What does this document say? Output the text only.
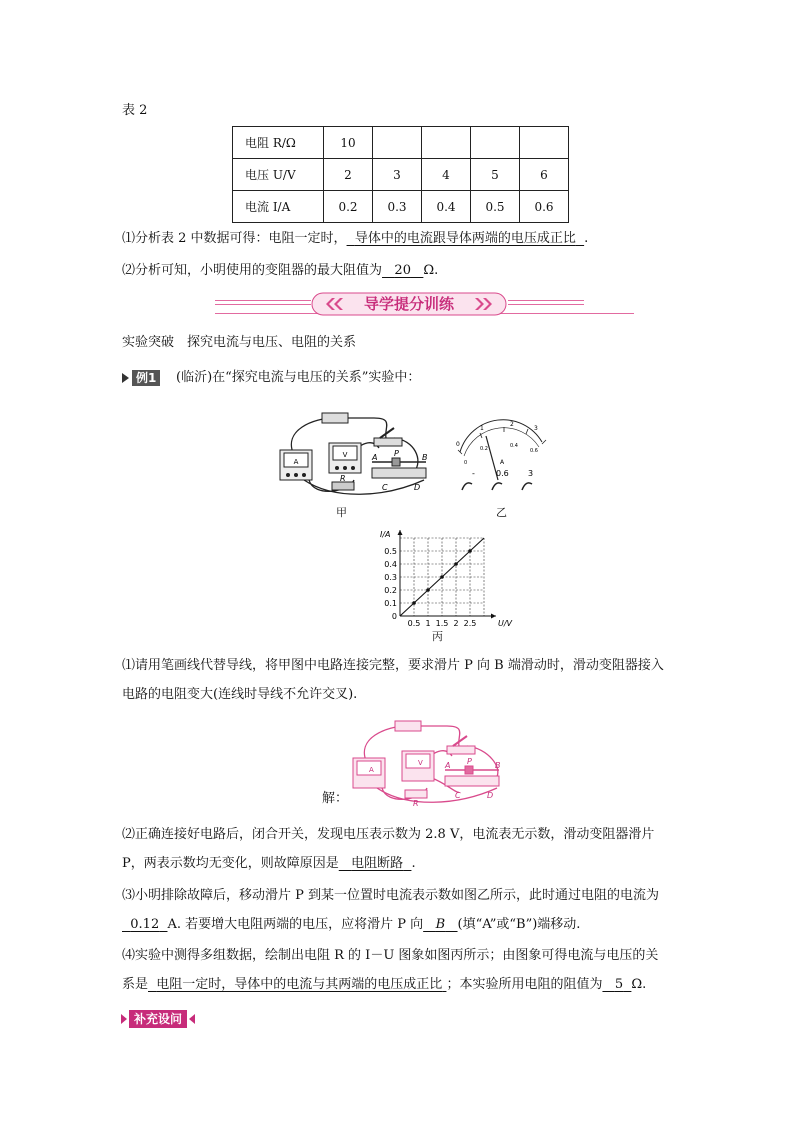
表 2
电阻 R/Ω	10				
电压 U/V	2	3	4	5	6
电流 I/A	0.2	0.3	0.4	0.5	0.6
⑴分析表 2 中数据可得：电阻一定时， 导体中的电流跟导体两端的电压成正比 .
⑵分析可知，小明使用的变阻器的最大阻值为 20 Ω.
导学提分训练
实验突破　探究电流与电压、电阻的关系
例1	(临沂)在“探究电流与电压的关系”实验中：
A
V
R
A P	B
C	D
甲
0
1
2
3
0
0.2	0.4
0.6
A
-	0.6 3
乙
0.5 1 1.5 2 2.5
0
0.1
0.2
0.3
0.4
0.5
U/V
I/A
丙
⑴请用笔画线代替导线，将甲图中电路连接完整，要求滑片 P 向 B 端滑动时，滑动变阻器接入
电路的电阻变大(连线时导线不允许交叉).
解：
A
V
R
A P	B
C	D
⑵正确连接好电路后，闭合开关，发现电压表示数为 2.8 V，电流表无示数，滑动变阻器滑片
P，两表示数均无变化，则故障原因是 电阻断路 .
⑶小明排除故障后，移动滑片 P 到某一位置时电流表示数如图乙所示，此时通过电阻的电流为
0.12 A. 若要增大电阻两端的电压，应将滑片 P 向 B (填“A”或“B”)端移动.
⑷实验中测得多组数据，绘制出电阻 R 的 I－U 图象如图丙所示；由图象可得电流与电压的关
系是 电阻一定时，导体中的电流与其两端的电压成正比 ；本实验所用电阻的阻值为 5 Ω.
补充设问
